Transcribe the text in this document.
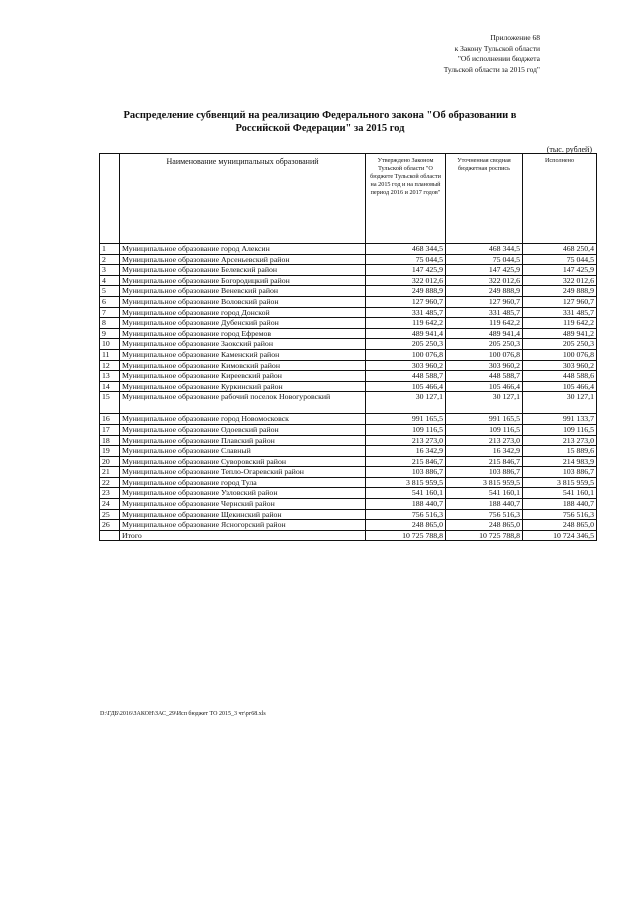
Приложение 68
к Закону Тульской области
"Об исполнении бюджета
Тульской области за 2015 год"
Распределение субвенций на реализацию Федерального закона "Об образовании в Российской Федерации" за 2015 год
(тыс. рублей)
	Наименование муниципальных образований	Утверждено Законом Тульской области "О бюджете Тульской области на 2015 год и на плановый период 2016 и 2017 годов"	Уточненная сводная бюджетная роспись	Исполнено
1	Муниципальное образование город Алексин	468 344,5	468 344,5	468 250,4
2	Муниципальное образование Арсеньевский район	75 044,5	75 044,5	75 044,5
3	Муниципальное образование Белевский район	147 425,9	147 425,9	147 425,9
4	Муниципальное образование Богородицкий район	322 012,6	322 012,6	322 012,6
5	Муниципальное образование Веневский район	249 888,9	249 888,9	249 888,9
6	Муниципальное образование Воловский район	127 960,7	127 960,7	127 960,7
7	Муниципальное образование город Донской	331 485,7	331 485,7	331 485,7
8	Муниципальное образование Дубенский район	119 642,2	119 642,2	119 642,2
9	Муниципальное образование город Ефремов	489 941,4	489 941,4	489 941,2
10	Муниципальное образование Заокский район	205 250,3	205 250,3	205 250,3
11	Муниципальное образование Каменский район	100 076,8	100 076,8	100 076,8
12	Муниципальное образование Кимовский район	303 960,2	303 960,2	303 960,2
13	Муниципальное образование Киреевский район	448 588,7	448 588,7	448 588,6
14	Муниципальное образование Куркинский район	105 466,4	105 466,4	105 466,4
15	Муниципальное образование рабочий поселок Новогуровский	30 127,1	30 127,1	30 127,1
16	Муниципальное образование город Новомосковск	991 165,5	991 165,5	991 133,7
17	Муниципальное образование Одоевский район	109 116,5	109 116,5	109 116,5
18	Муниципальное образование Плавский район	213 273,0	213 273,0	213 273,0
19	Муниципальное образование Славный	16 342,9	16 342,9	15 889,6
20	Муниципальное образование Суворовский район	215 846,7	215 846,7	214 983,9
21	Муниципальное образование Тепло-Огаревский район	103 886,7	103 886,7	103 886,7
22	Муниципальное образование город Тула	3 815 959,5	3 815 959,5	3 815 959,5
23	Муниципальное образование Узловский район	541 160,1	541 160,1	541 160,1
24	Муниципальное образование Чернский район	188 440,7	188 440,7	188 440,7
25	Муниципальное образование Щекинский район	756 516,3	756 516,3	756 516,3
26	Муниципальное образование Ясногорский район	248 865,0	248 865,0	248 865,0
	Итого	10 725 788,8	10 725 788,8	10 724 346,5
D:\ГДБ\2016\ЗАКОН\ЗАС_29\Исп бюджет ТО 2015_3 чт\рг68.xls
